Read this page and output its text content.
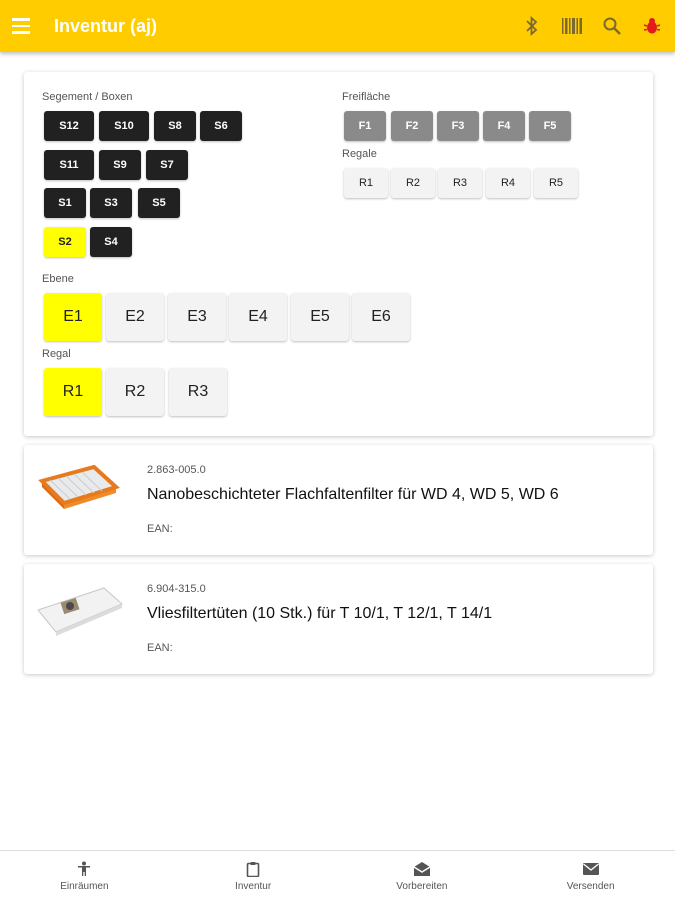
Inventur (aj)
Segement / Boxen
S12	S10	S8	S6
S11	S9	S7
S1	S3	S5
S2	S4
Freifläche
F1	F2	F3	F4	F5
Regale
R1	R2	R3	R4	R5
Ebene
E1	E2	E3	E4	E5	E6
Regal
R1	R2	R3
2.863-005.0
Nanobeschichteter Flachfaltenfilter für WD 4, WD 5, WD 6
EAN:
6.904-315.0
Vliesfiltertüten (10 Stk.) für T 10/1, T 12/1, T 14/1
EAN:
Einräumen	Inventur	Vorbereiten	Versenden
